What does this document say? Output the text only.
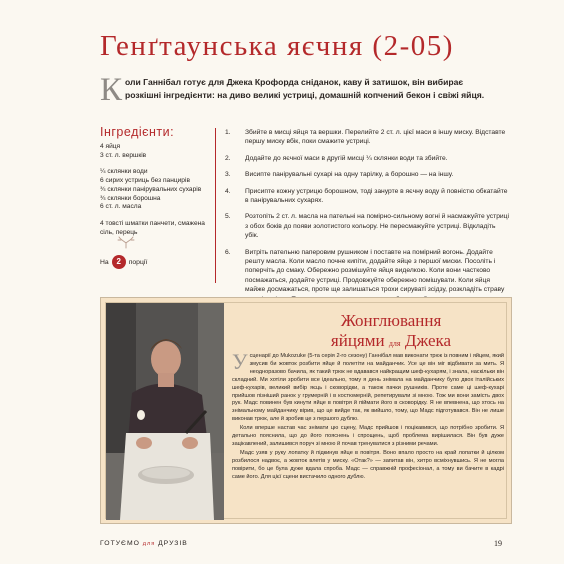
Генґтаунська яєчня (2-05)
К оли Ганнібал готує для Джека Крофорда сніданок, каву й затишок, він вибирає розкішні інгредієнти: на диво великі устриці, домашній копчений бекон і свіжі яйця.
Інгредієнти:
4 яйця
3 ст. л. вершків
¼ склянки води
6 сирих устриць без панцирів
¾ склянки панірувальних сухарів
¾ склянки борошна
6 ст. л. масла
4 товсті шматки панчети, смажена сіль, перець
На 2	порції
1.	Збийте в мисці яйця та вершки. Перелийте 2 ст. л. цієї маси в іншу миску. Відставте першу миску вбік, поки смажите устриці.
2.	Додайте до яєчної маси в другій мисці ¼ склянки води та збийте.
3.	Висипте панірувальні сухарі на одну тарілку, а борошно — на іншу.
4.	Присипте кожну устрицю борошном, тоді занурте в яєчну воду й повністю обкатайте в панірувальних сухарях.
5.	Розтопіть 2 ст. л. масла на пательні на помірно-сильному вогні й насмажуйте устриці з обох боків до появи золотистого кольору. Не пересмажуйте устриці. Відкладіть убік.
6.	Витріть пательню паперовим рушником і поставте на помірний вогонь. Додайте решту масла. Коли масло почне кипіти, додайте яйце з першої миски. Посоліть і поперчіть до смаку. Обережно розмішуйте яйця виделкою. Коли вони частково посмажаться, додайте устриці. Продовжуйте обережно помішувати. Коли яйця майже досмажаться, проте ще залишаться трохи сируваті зсідзу, розкладіть страву
Жонглювання
яйцями для Джека

Усценарії до Mukozuke (5-та серія 2-го сезону) Ганнібал мав виконати трюк із повним і яйцем, який змусив би жовток розбити яйце й полетіти на майданчик. Усе це він міг відбивати за мить. Я неодноразово бачила, як такий трюк не вдавався найкращим шеф-кухарям, і знала, наскільки він складний. Ми хотіли зробити все ідеально, тому я день знімала на майданчику було двох італійських шеф-кухарів, великий вибір яєць і сковорідки, а також пачки рушників. Проте саме ці шеф-кухарі прийшов пізніший ранок у грумерній і в костюмерній, репетирували зі мною. Тож ми вони замість двох рук. Мадс повинен був кинути яйце в повітря й піймати його в сковорідку. Я не впевнена, що хтось на знімальному майданчику вірив, що це вийде так, як вийшло, тому, що Мадс підготувався. Він не лише виконав трюк, але й зробив це з першого дублю.

Коли вперше настав час знімати цю сцену, Мадс прийшов і поцікавився, що потрібно зробити. Я детально пояснила, що до його пояснень і спрощень, щоб проблема вирішилася. Він був дуже зацікавлений, залишився поруч зі мною й почав тренуватися з різними речами.

Мадс узяв у руку лопатку й підкинув яйце в повітря. Воно впало просто на край лопатки й цілком розбилося надвоє, а жовток влетів у миску. «Отак?» — запитав він, хитро всміхнувшись. Я не могла повірити, бо це була дуже вдала спроба. Мадс — справжній професіонал, а тому ви бачите в кадрі саме його. Для цієї сцени вистачило одного дублю.

ГОТУЄМО для ДРУЗІВ	19
